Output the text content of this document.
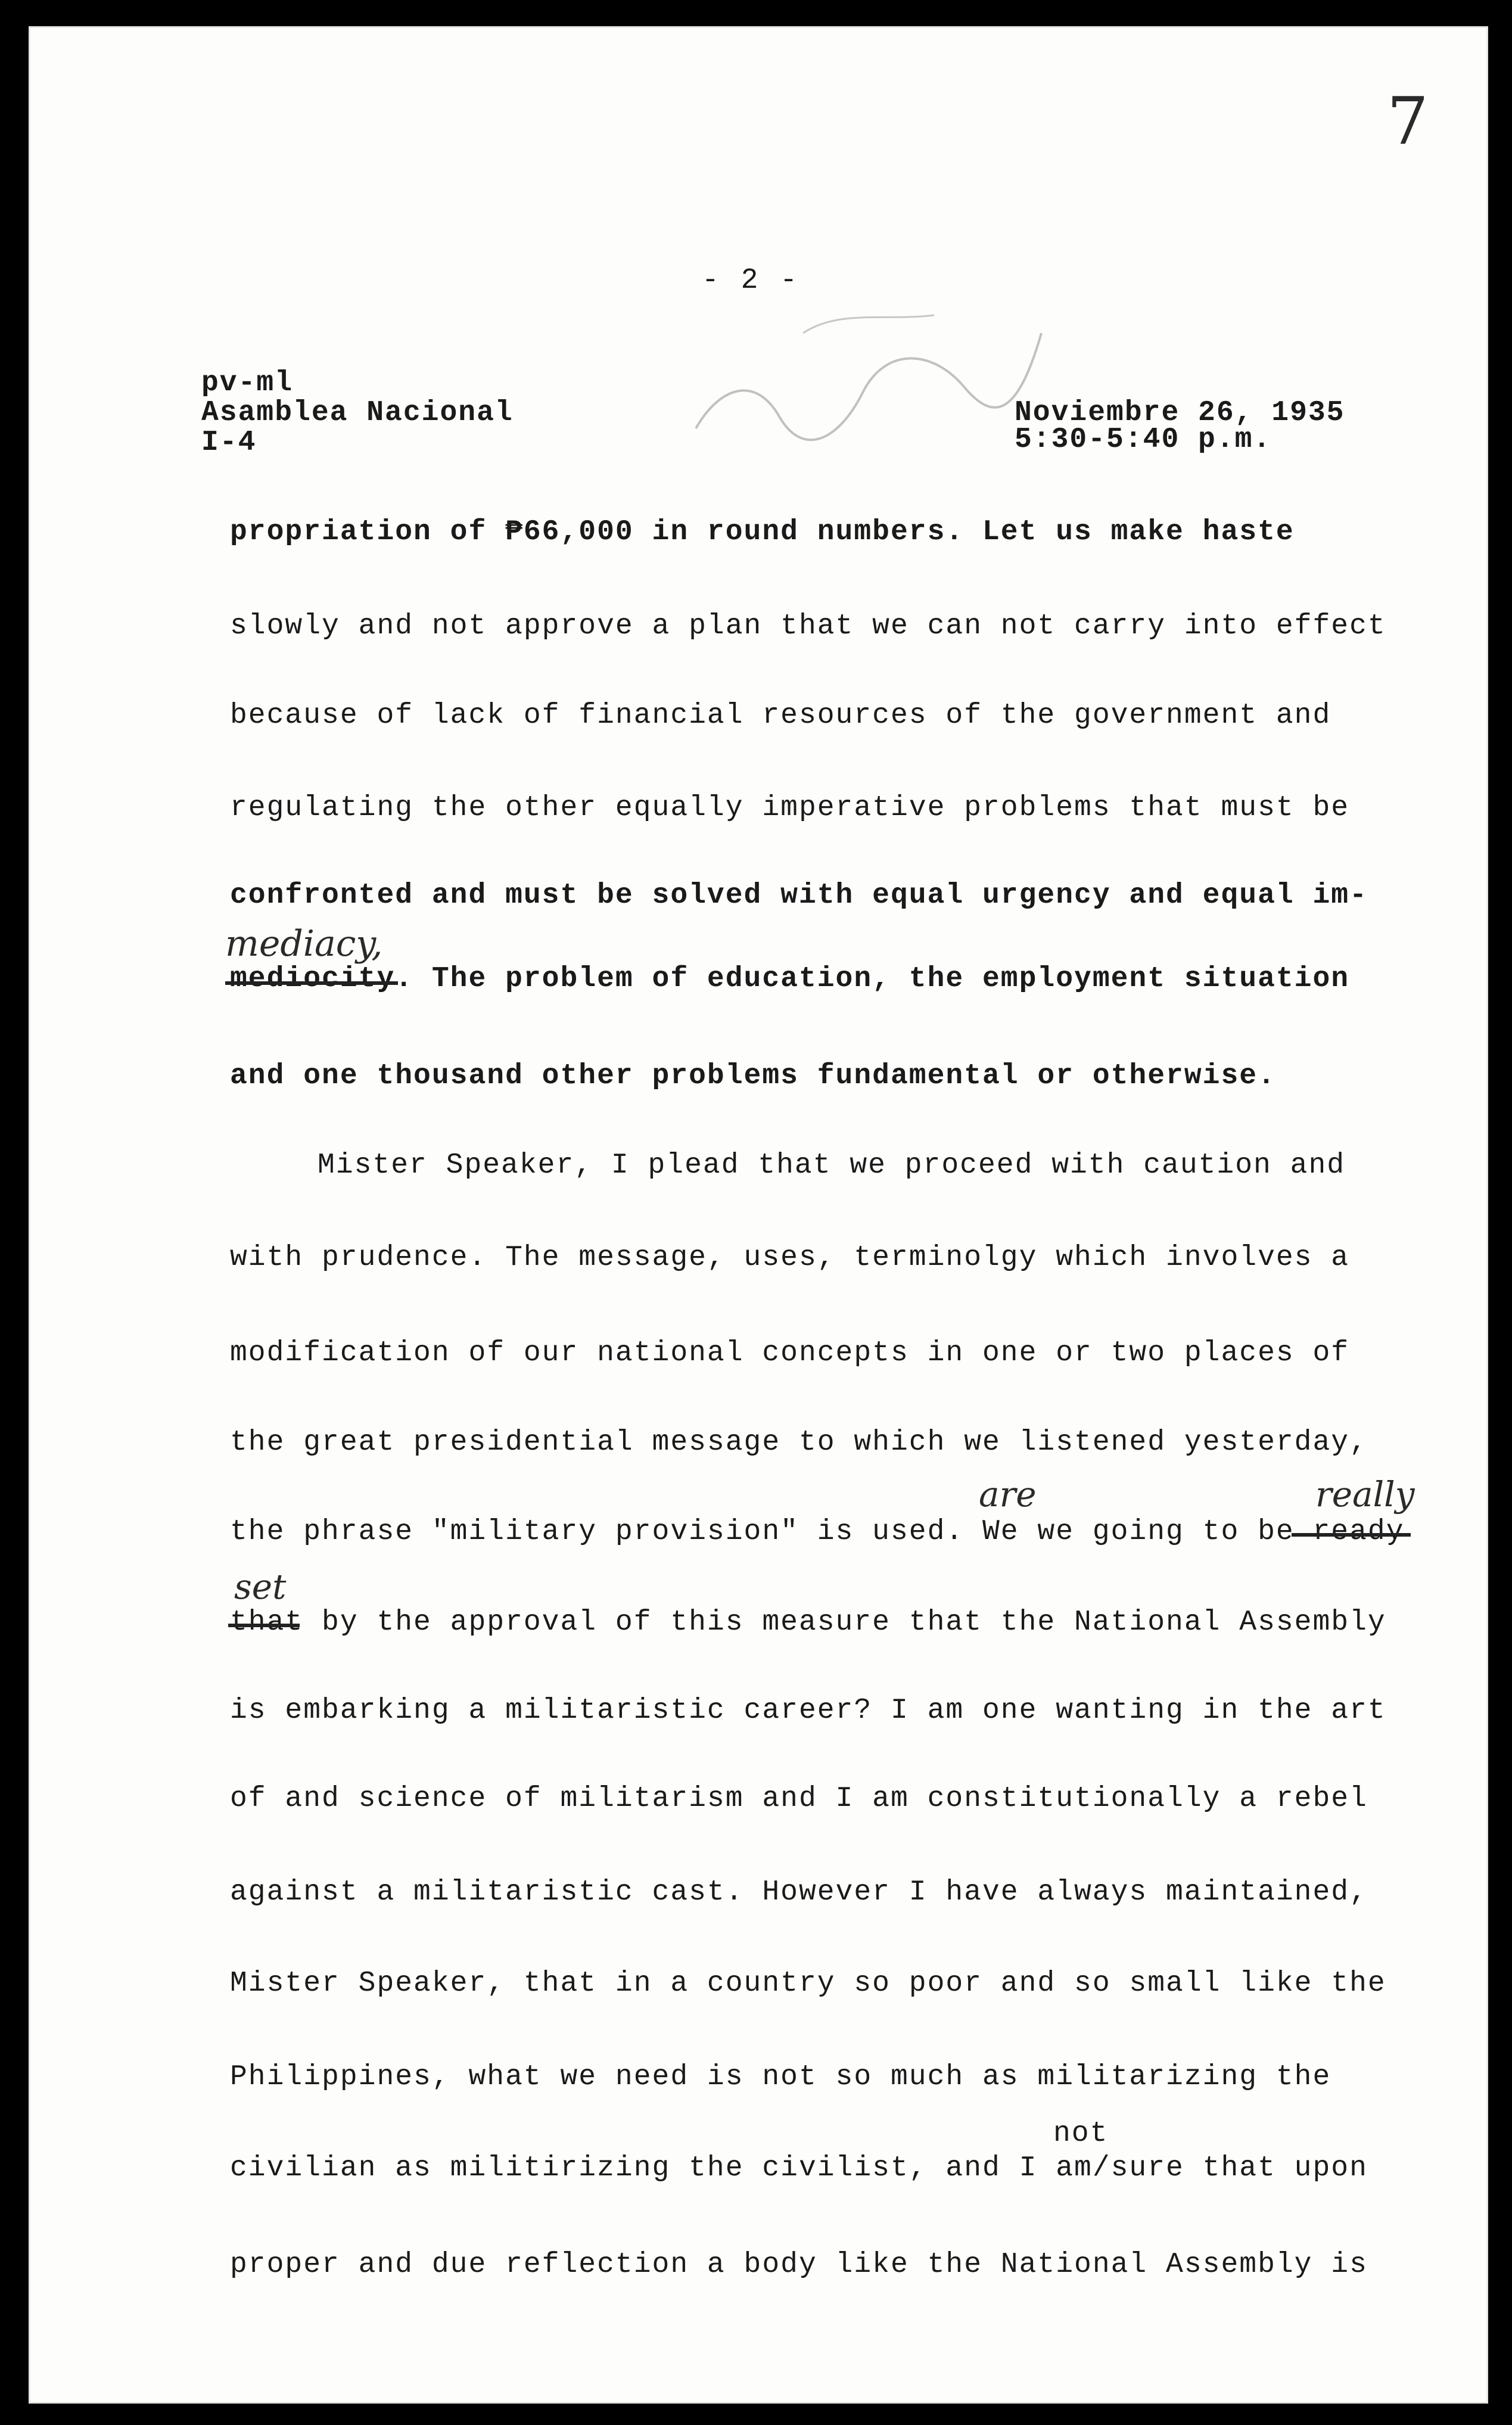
7
- 2 -
pv-ml
Asamblea Nacional
I-4
Noviembre 26, 1935
5:30-5:40 p.m.
propriation of ₱66,000 in round numbers. Let us make haste
slowly and not approve a plan that we can not carry into effect
because of lack of financial resources of the government and
regulating the other equally imperative problems that must be
confronted and must be solved with equal urgency and equal im-
mediacy,
mediocity. The problem of education, the employment situation
and one thousand other problems fundamental or otherwise.
Mister Speaker, I plead that we proceed with caution and
with prudence. The message, uses, terminolgy which involves a
modification of our national concepts in one or two places of
the great presidential message to which we listened yesterday,
are	really
the phrase "military provision" is used. We we going to be ready
set
that by the approval of this measure that the National Assembly
is embarking a militaristic career? I am one wanting in the art
of and science of militarism and I am constitutionally a rebel
against a militaristic cast. However I have always maintained,
Mister Speaker, that in a country so poor and so small like the
Philippines, what we need is not so much as militarizing the
not
civilian as militirizing the civilist, and I am/sure that upon
proper and due reflection a body like the National Assembly is
